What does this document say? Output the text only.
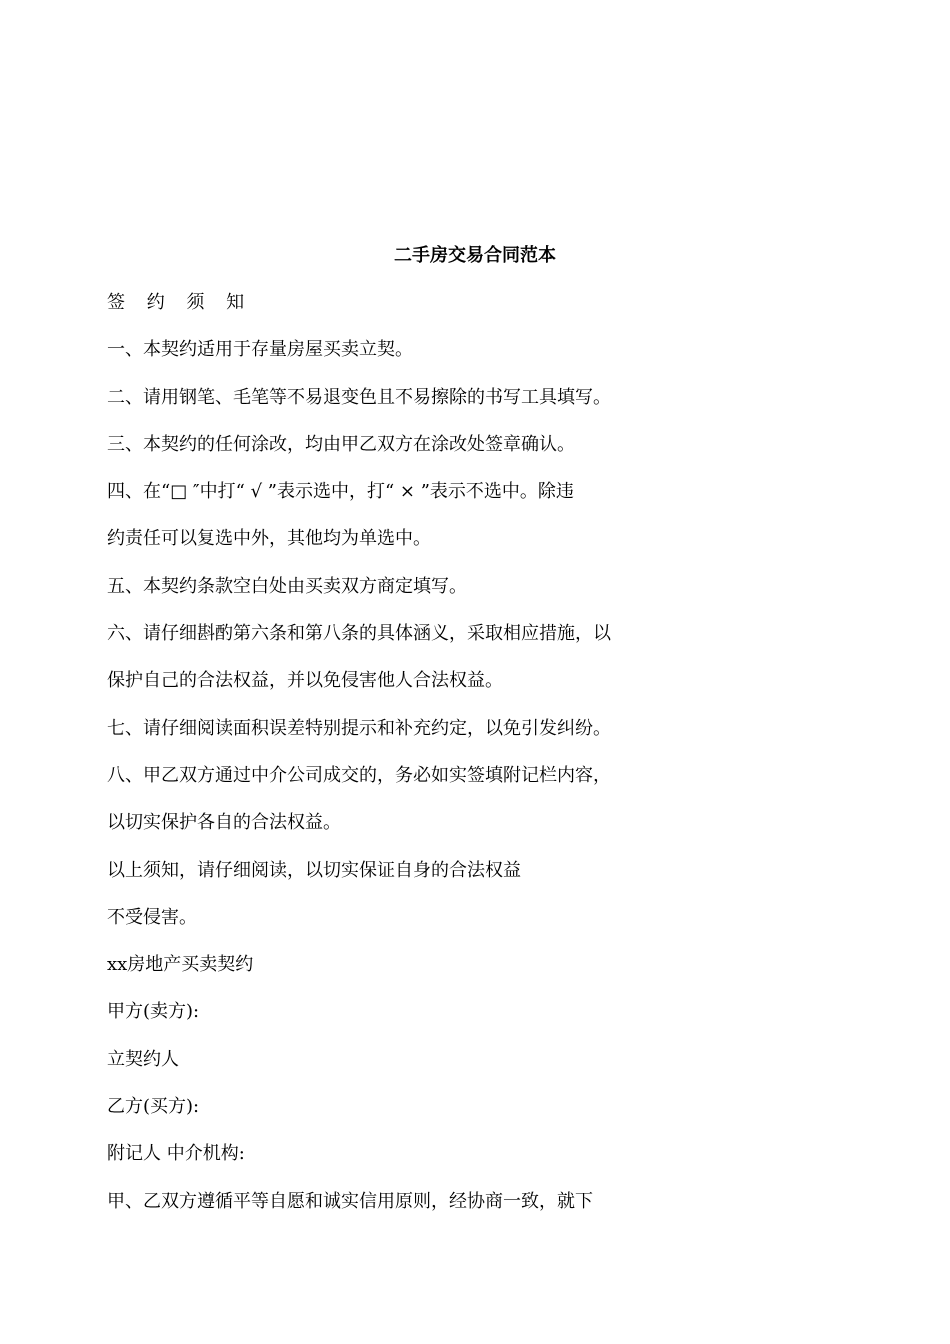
二手房交易合同范本
签 约 须 知
一、本契约适用于存量房屋买卖立契。
二、请用钢笔、毛笔等不易退变色且不易擦除的书写工具填写。
三、本契约的任何涂改，均由甲乙双方在涂改处签章确认。
四、在“□ ″中打“ √ ”表示选中，打“ × ”表示不选中。除违
约责任可以复选中外，其他均为单选中。
五、本契约条款空白处由买卖双方商定填写。
六、请仔细斟酌第六条和第八条的具体涵义，采取相应措施，以
保护自己的合法权益，并以免侵害他人合法权益。
七、请仔细阅读面积误差特别提示和补充约定，以免引发纠纷。
八、甲乙双方通过中介公司成交的，务必如实签填附记栏内容，
以切实保护各自的合法权益。
以上须知，请仔细阅读，以切实保证自身的合法权益
不受侵害。
xx房地产买卖契约
甲方(卖方):
立契约人
乙方(买方):
附记人 中介机构:
甲、乙双方遵循平等自愿和诚实信用原则，经协商一致，就下
